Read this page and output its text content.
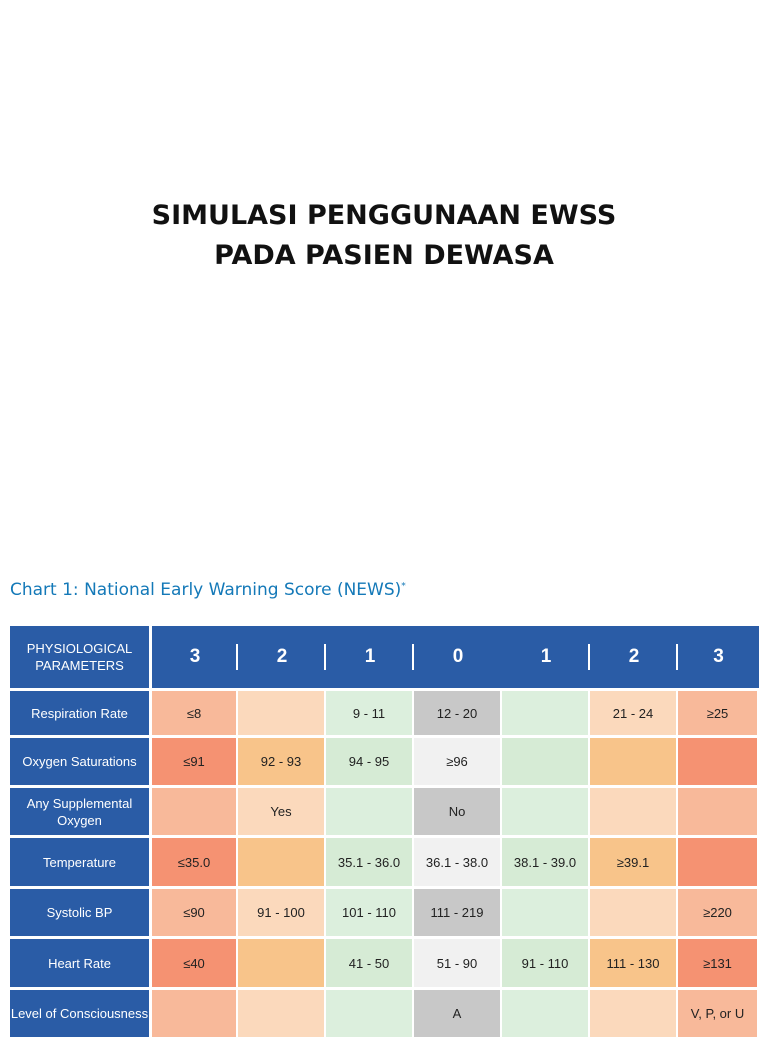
SIMULASI PENGGUNAAN EWSS
PADA PASIEN DEWASA
Chart 1: National Early Warning Score (NEWS)*
PHYSIOLOGICAL PARAMETERS	3	2	1	0	1	2	3

Respiration Rate	≤8		9 - 11	12 - 20		21 - 24	≥25
Oxygen Saturations	≤91	92 - 93	94 - 95	≥96			
Any Supplemental Oxygen		Yes		No			
Temperature	≤35.0		35.1 - 36.0	36.1 - 38.0	38.1 - 39.0	≥39.1	
Systolic BP	≤90	91 - 100	101 - 110	111 - 219			≥220
Heart Rate	≤40		41 - 50	51 - 90	91 - 110	111 - 130	≥131
Level of Consciousness				A			V, P, or U
